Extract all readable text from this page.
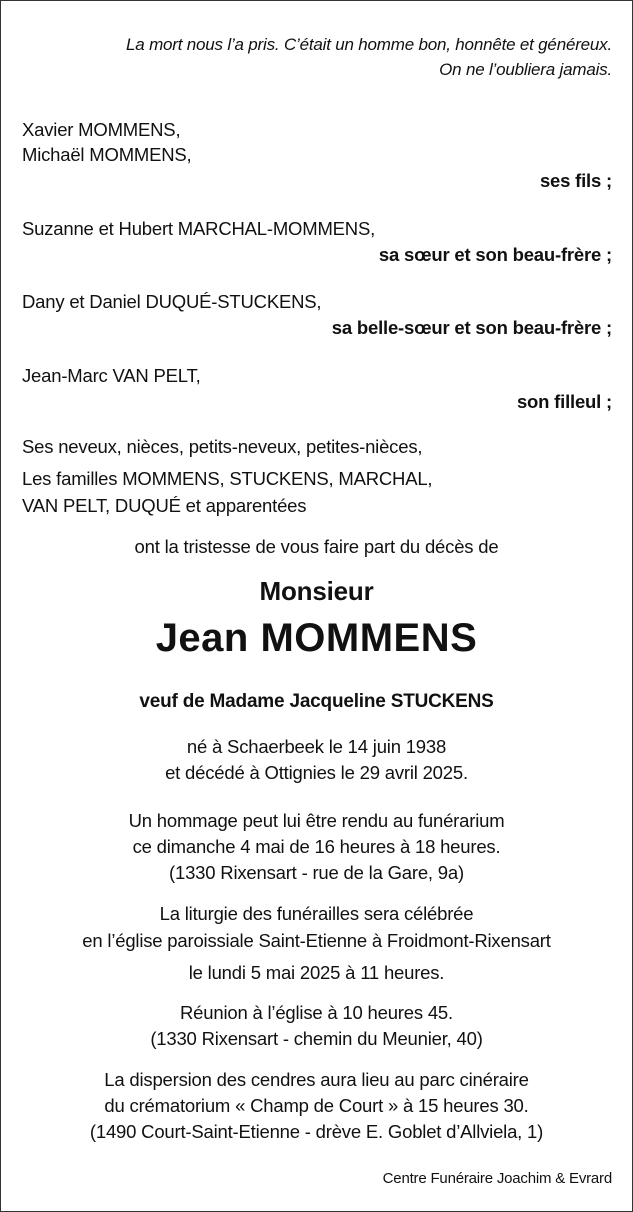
La mort nous l’a pris. C’était un homme bon, honnête et généreux.
On ne l’oubliera jamais.
Xavier MOMMENS,
Michaël MOMMENS,
ses fils ;
Suzanne et Hubert MARCHAL-MOMMENS,
sa sœur et son beau-frère ;
Dany et Daniel DUQUÉ-STUCKENS,
sa belle-sœur et son beau-frère ;
Jean-Marc VAN PELT,
son filleul ;
Ses neveux, nièces, petits-neveux, petites-nièces,
Les familles MOMMENS, STUCKENS, MARCHAL,
VAN PELT, DUQUÉ et apparentées
ont la tristesse de vous faire part du décès de
Monsieur
Jean MOMMENS
veuf de Madame Jacqueline STUCKENS
né à Schaerbeek le 14 juin 1938
et décédé à Ottignies le 29 avril 2025.
Un hommage peut lui être rendu au funérarium
ce dimanche 4 mai de 16 heures à 18 heures.
(1330 Rixensart - rue de la Gare, 9a)
La liturgie des funérailles sera célébrée
en l’église paroissiale Saint-Etienne à Froidmont-Rixensart
le lundi 5 mai 2025 à 11 heures.
Réunion à l’église à 10 heures 45.
(1330 Rixensart - chemin du Meunier, 40)
La dispersion des cendres aura lieu au parc cinéraire
du crématorium « Champ de Court » à 15 heures 30.
(1490 Court-Saint-Etienne - drève E. Goblet d’Allviela, 1)
Centre Funéraire Joachim & Evrard
